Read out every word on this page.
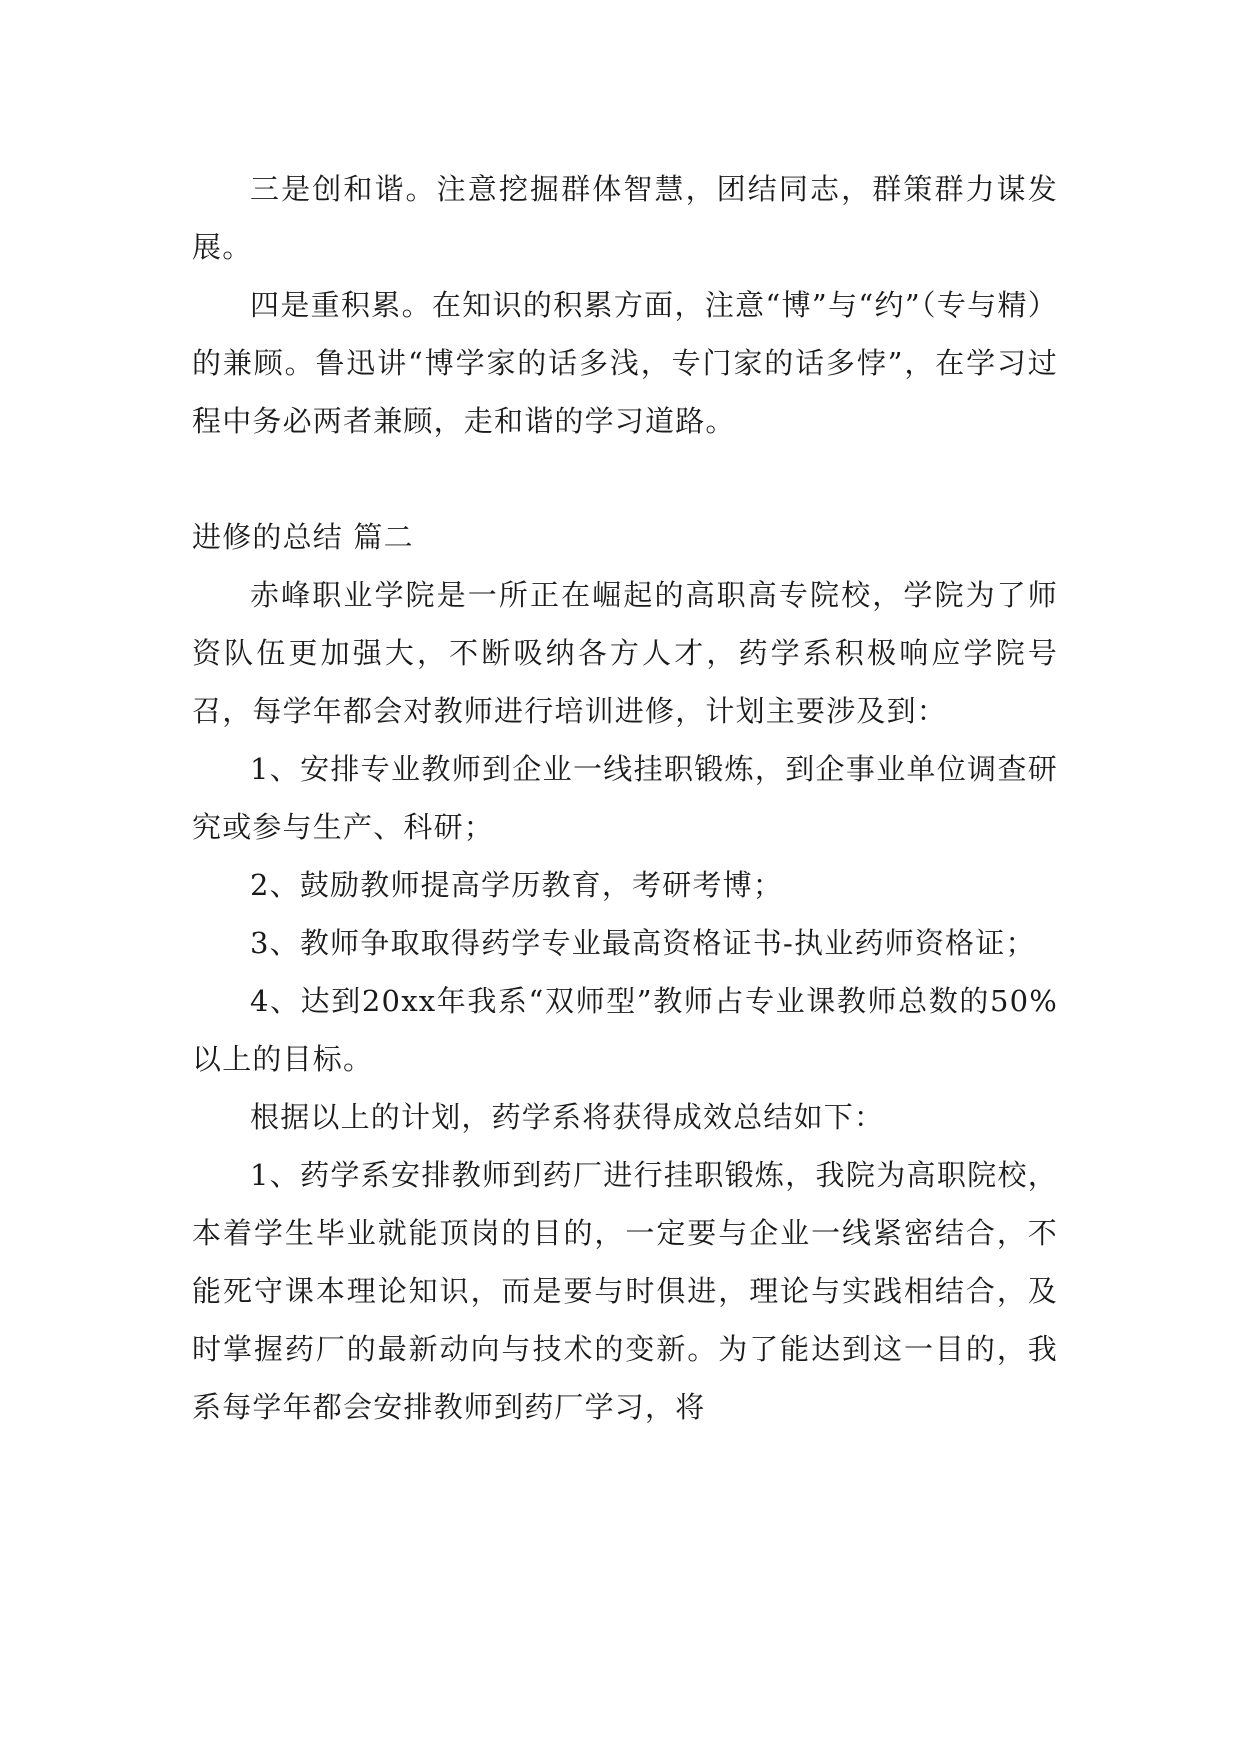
三是创和谐。注意挖掘群体智慧，团结同志，群策群力谋发展。

四是重积累。在知识的积累方面，注意“博”与“约”（专与精）的兼顾。鲁迅讲“博学家的话多浅，专门家的话多悖”，在学习过程中务必两者兼顾，走和谐的学习道路。

进修的总结 篇二

赤峰职业学院是一所正在崛起的高职高专院校，学院为了师资队伍更加强大，不断吸纳各方人才，药学系积极响应学院号召，每学年都会对教师进行培训进修，计划主要涉及到：

1、安排专业教师到企业一线挂职锻炼，到企事业单位调查研究或参与生产、科研；

2、鼓励教师提高学历教育，考研考博；

3、教师争取取得药学专业最高资格证书-执业药师资格证；

4、达到20xx年我系“双师型”教师占专业课教师总数的50%以上的目标。

根据以上的计划，药学系将获得成效总结如下：

1、药学系安排教师到药厂进行挂职锻炼，我院为高职院校，本着学生毕业就能顶岗的目的，一定要与企业一线紧密结合，不能死守课本理论知识，而是要与时俱进，理论与实践相结合，及时掌握药厂的最新动向与技术的变新。为了能达到这一目的，我系每学年都会安排教师到药厂学习，将
